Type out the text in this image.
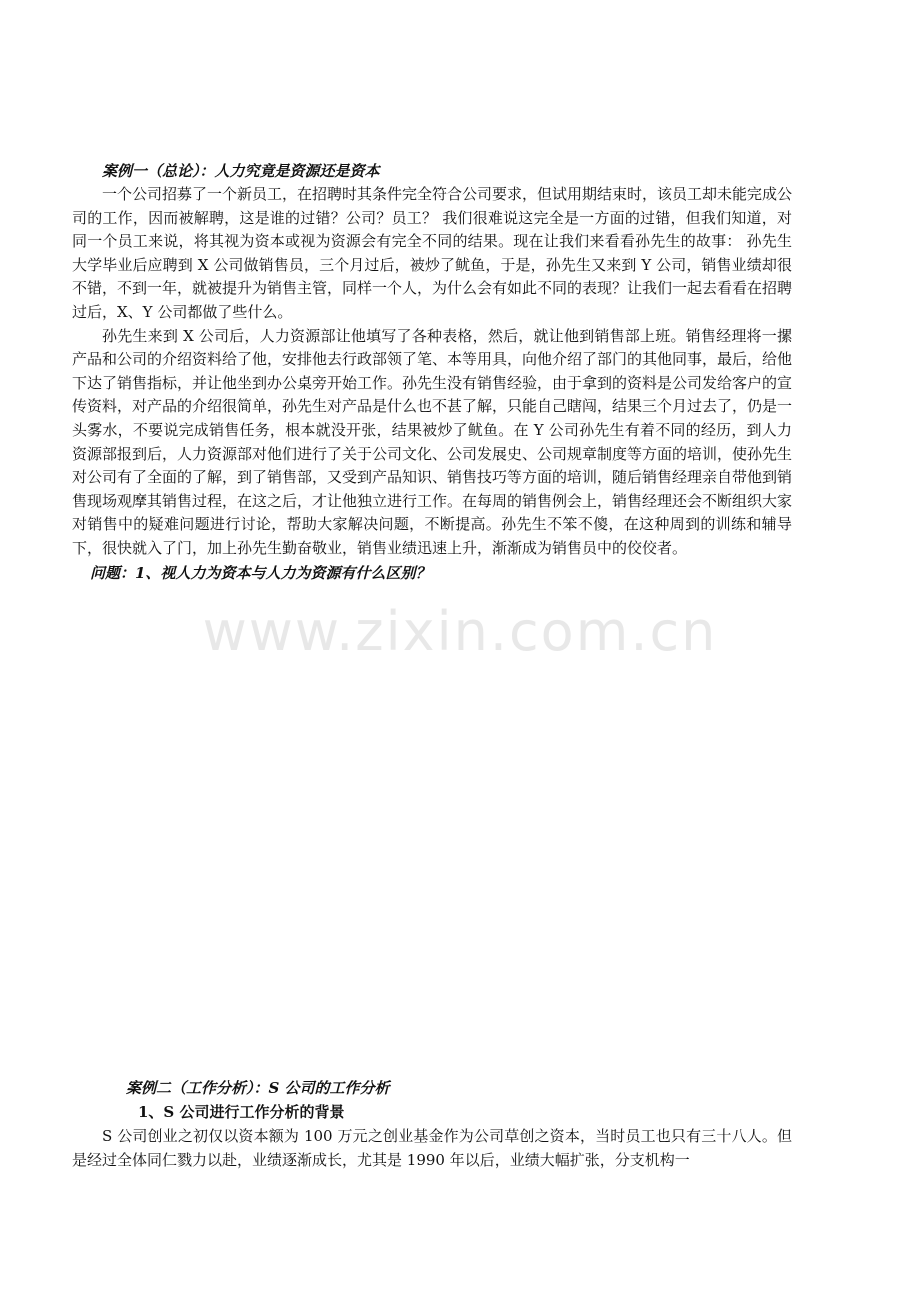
案例一（总论）：人力究竟是资源还是资本

一个公司招募了一个新员工，在招聘时其条件完全符合公司要求，但试用期结束时，该员工却未能完成公司的工作，因而被解聘，这是谁的过错？公司？员工？ 我们很难说这完全是一方面的过错，但我们知道，对同一个员工来说，将其视为资本或视为资源会有完全不同的结果。现在让我们来看看孙先生的故事： 孙先生大学毕业后应聘到 X 公司做销售员，三个月过后，被炒了鱿鱼，于是，孙先生又来到 Y 公司，销售业绩却很不错，不到一年，就被提升为销售主管，同样一个人，为什么会有如此不同的表现？让我们一起去看看在招聘过后，X、Y 公司都做了些什么。

孙先生来到 X 公司后，人力资源部让他填写了各种表格，然后，就让他到销售部上班。销售经理将一摞产品和公司的介绍资料给了他，安排他去行政部领了笔、本等用具，向他介绍了部门的其他同事，最后，给他下达了销售指标，并让他坐到办公桌旁开始工作。孙先生没有销售经验，由于拿到的资料是公司发给客户的宣传资料，对产品的介绍很简单，孙先生对产品是什么也不甚了解，只能自己瞎闯，结果三个月过去了，仍是一头雾水，不要说完成销售任务，根本就没开张，结果被炒了鱿鱼。在 Y 公司孙先生有着不同的经历，到人力资源部报到后，人力资源部对他们进行了关于公司文化、公司发展史、公司规章制度等方面的培训，使孙先生对公司有了全面的了解，到了销售部，又受到产品知识、销售技巧等方面的培训，随后销售经理亲自带他到销售现场观摩其销售过程，在这之后，才让他独立进行工作。在每周的销售例会上，销售经理还会不断组织大家对销售中的疑难问题进行讨论，帮助大家解决问题，不断提高。孙先生不笨不傻，在这种周到的训练和辅导下，很快就入了门，加上孙先生勤奋敬业，销售业绩迅速上升，渐渐成为销售员中的佼佼者。

问题：1、视人力为资本与人力为资源有什么区别？

www.zixin.com.cn

案例二（工作分析）：S 公司的工作分析

1、S 公司进行工作分析的背景

S 公司创业之初仅以资本额为 100 万元之创业基金作为公司草创之资本，当时员工也只有三十八人。但是经过全体同仁戮力以赴，业绩逐渐成长，尤其是 1990 年以后，业绩大幅扩张，分支机构一
